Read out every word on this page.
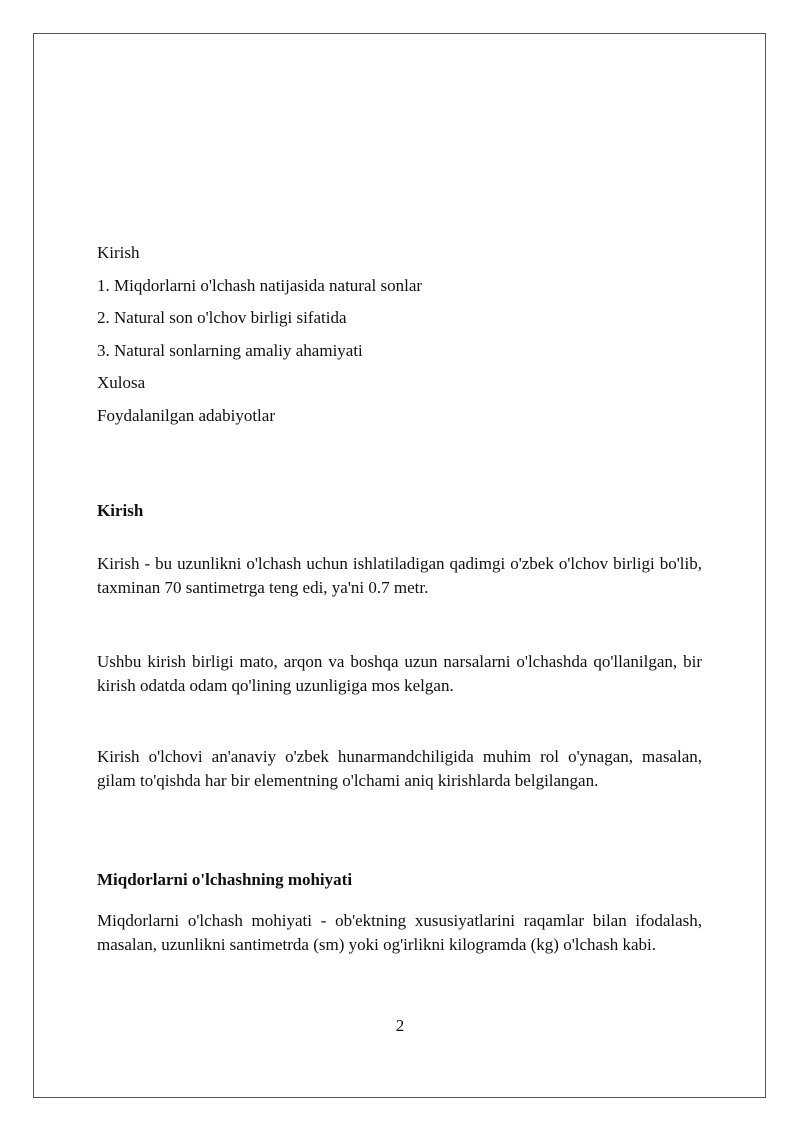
Kirish
1. Miqdorlarni o'lchash natijasida natural sonlar
2. Natural son o'lchov birligi sifatida
3. Natural sonlarning amaliy ahamiyati
Xulosa
Foydalanilgan adabiyotlar
Kirish

Kirish - bu uzunlikni o'lchash uchun ishlatiladigan qadimgi o'zbek o'lchov birligi bo'lib, taxminan 70 santimetrga teng edi, ya'ni 0.7 metr.

Ushbu kirish birligi mato, arqon va boshqa uzun narsalarni o'lchashda qo'llanilgan, bir kirish odatda odam qo'lining uzunligiga mos kelgan.

Kirish o'lchovi an'anaviy o'zbek hunarmandchiligida muhim rol o'ynagan, masalan, gilam to'qishda har bir elementning o'lchami aniq kirishlarda belgilangan.

Miqdorlarni o'lchashning mohiyati

Miqdorlarni o'lchash mohiyati - ob'ektning xususiyatlarini raqamlar bilan ifodalash, masalan, uzunlikni santimetrda (sm) yoki og'irlikni kilogramda (kg) o'lchash kabi.

2
